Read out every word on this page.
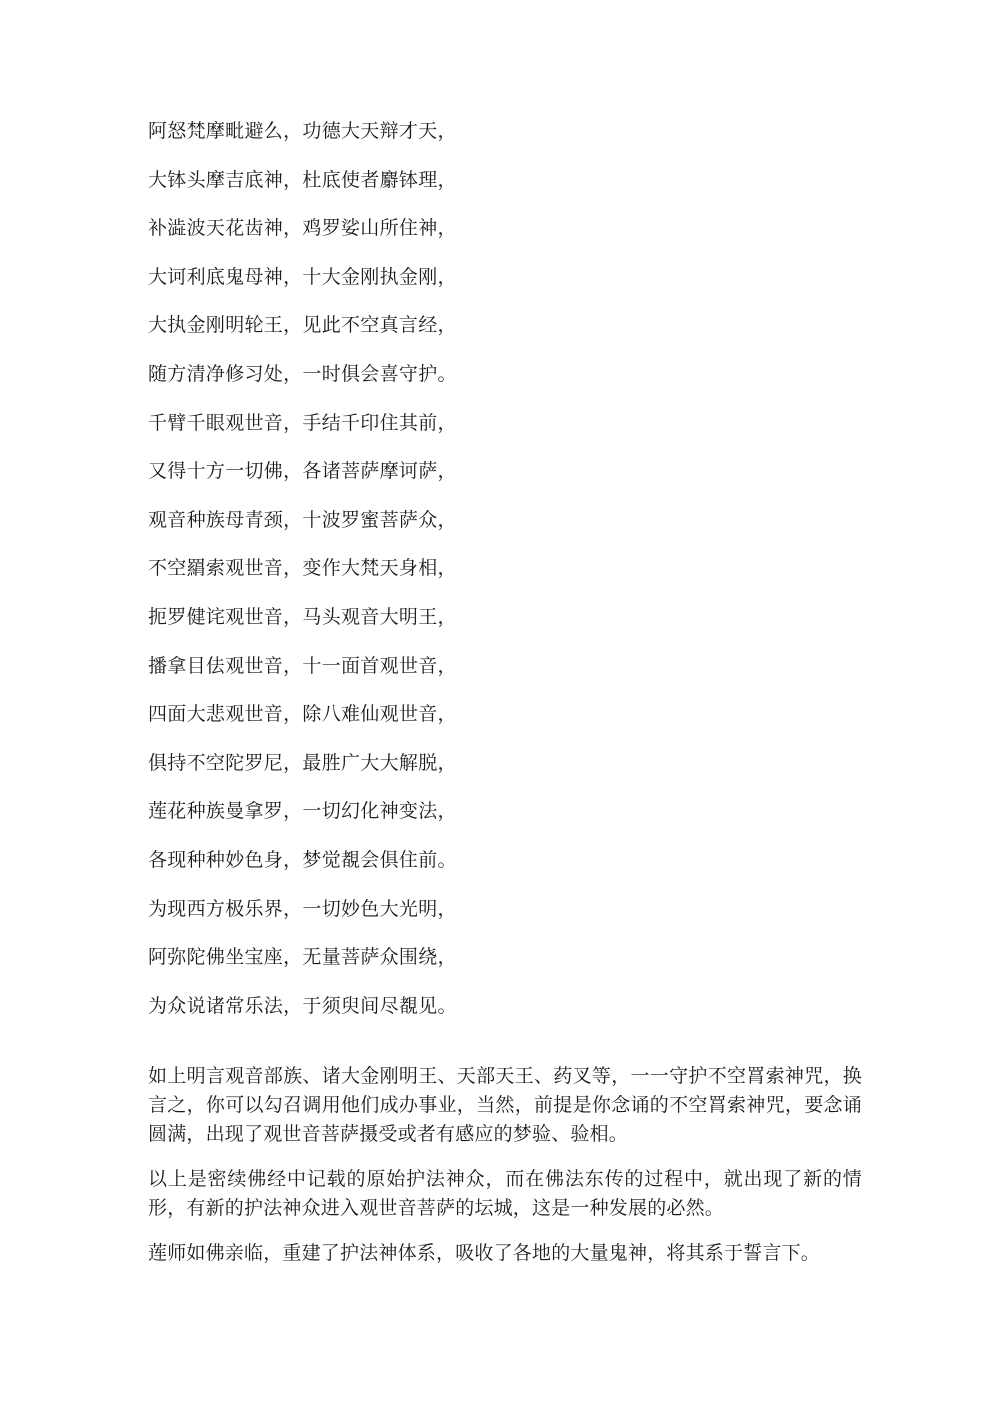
阿怒梵摩毗避么，功德大天辩才天，
大钵头摩吉底神，杜底使者麝钵理，
补澁波天花齿神，鸡罗娑山所住神，
大诃利底鬼母神，十大金刚执金刚，
大执金刚明轮王，见此不空真言经，
随方清净修习处，一时俱会喜守护。
千臂千眼观世音，手结千印住其前，
又得十方一切佛，各诸菩萨摩诃萨，
观音种族母青颈，十波罗蜜菩萨众，
不空羂索观世音，变作大梵天身相，
扼罗健诧观世音，马头观音大明王，
播拿目佉观世音，十一面首观世音，
四面大悲观世音，除八难仙观世音，
俱持不空陀罗尼，最胜广大大解脱，
莲花种族曼拿罗，一切幻化神变法，
各现种种妙色身，梦觉覩会俱住前。
为现西方极乐界，一切妙色大光明，
阿弥陀佛坐宝座，无量菩萨众围绕，
为众说诸常乐法，于须臾间尽覩见。

如上明言观音部族、诸大金刚明王、天部天王、药叉等，一一守护不空罥索神咒，换言之，你可以勾召调用他们成办事业，当然，前提是你念诵的不空罥索神咒，要念诵圆满，出现了观世音菩萨摄受或者有感应的梦验、验相。

以上是密续佛经中记载的原始护法神众，而在佛法东传的过程中，就出现了新的情形，有新的护法神众进入观世音菩萨的坛城，这是一种发展的必然。

莲师如佛亲临，重建了护法神体系，吸收了各地的大量鬼神，将其系于誓言下。
